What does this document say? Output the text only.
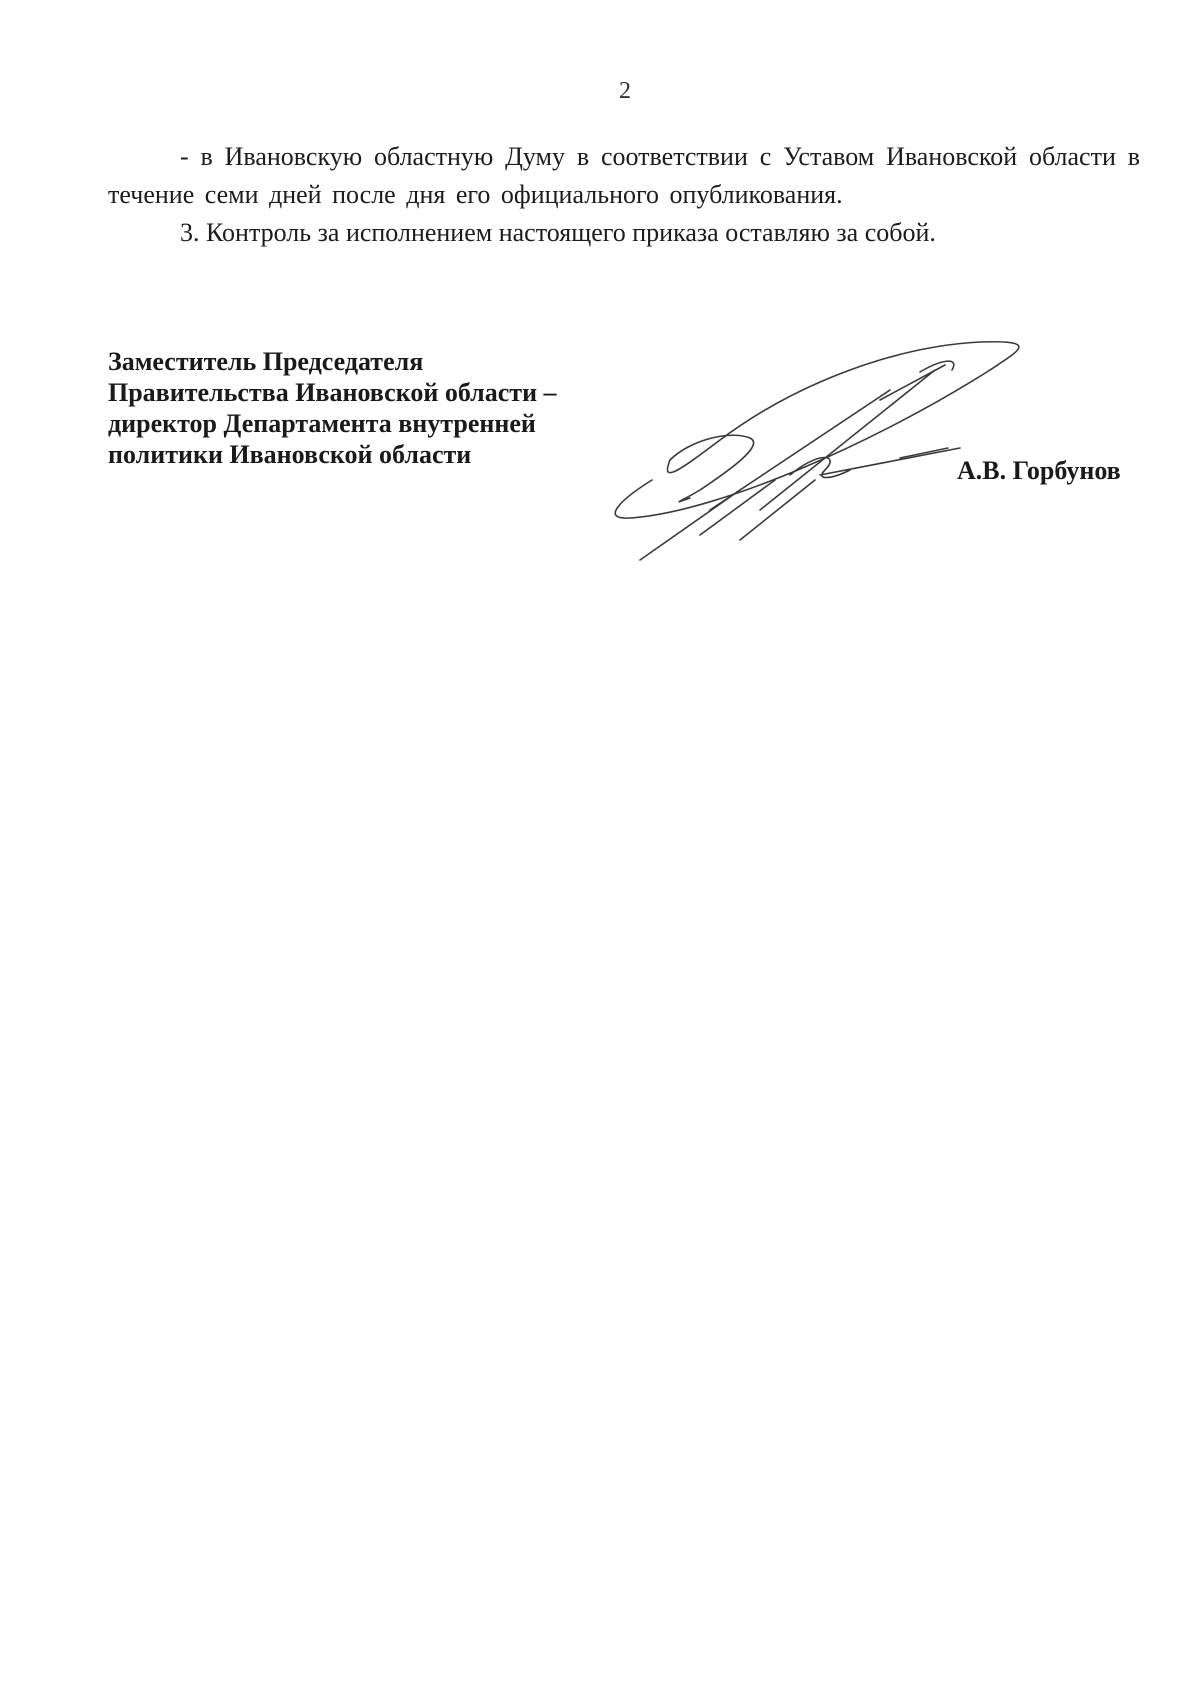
2

- в Ивановскую областную Думу в соответствии с Уставом Ивановской области в течение семи дней после дня его официального опубликования.

3. Контроль за исполнением настоящего приказа оставляю за собой.

Заместитель Председателя
Правительства Ивановской области –
директор Департамента внутренней
политики Ивановской области
А.В. Горбунов
